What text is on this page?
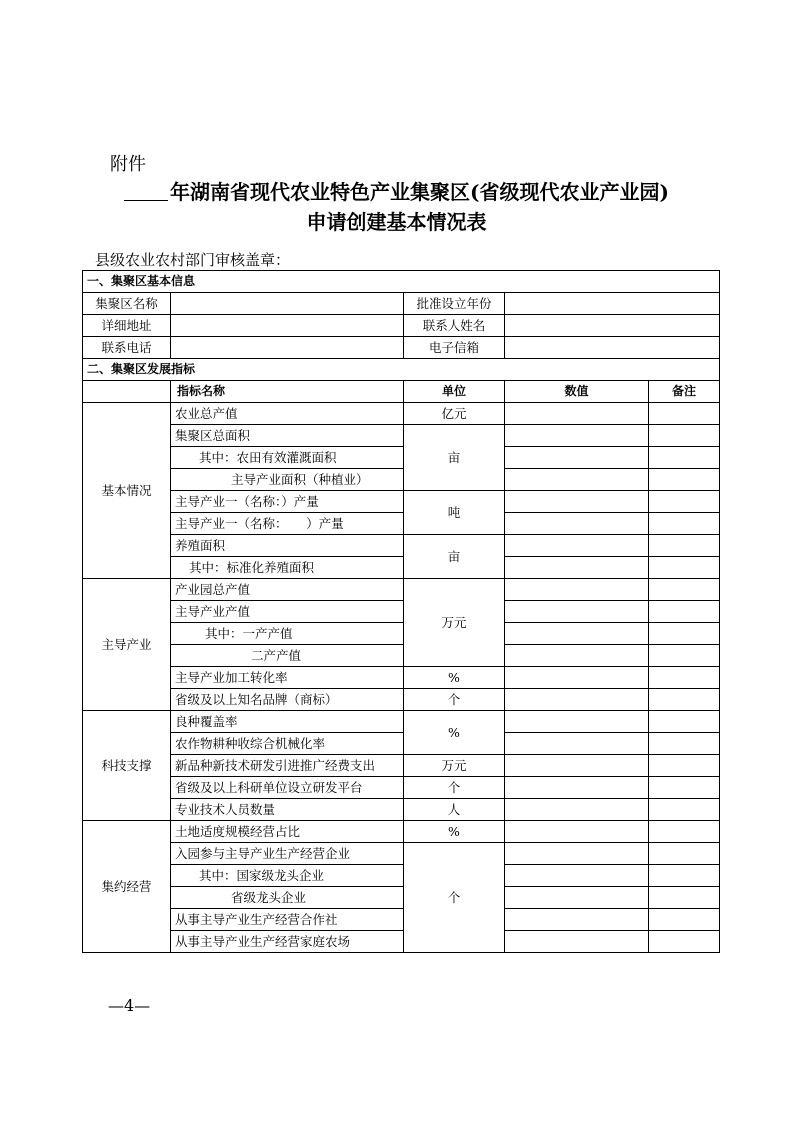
附件
年湖南省现代农业特色产业集聚区(省级现代农业产业园)
申请创建基本情况表
县级农业农村部门审核盖章：
一、集聚区基本信息				
集聚区名称		批准设立年份		
详细地址		联系人姓名		
联系电话		电子信箱		
二、集聚区发展指标				
	指标名称	单位	数值	备注
基本情况	农业总产值	亿元		
	集聚区总面积	亩		
	其中：农田有效灌溉面积			
	主导产业面积（种植业）			
	主导产业一（名称：）产量	吨		
	主导产业一（名称：　　）产量			
	养殖面积	亩		
	其中：标准化养殖面积			
主导产业	产业园总产值	万元		
	主导产业产值			
	其中：一产产值			
	二产产值			
	主导产业加工转化率	%		
	省级及以上知名品牌（商标）	个		
科技支撑	良种覆盖率	%		
	农作物耕种收综合机械化率			
	新品种新技术研发引进推广经费支出	万元		
	省级及以上科研单位设立研发平台	个		
	专业技术人员数量	人		
集约经营	土地适度规模经营占比	%		
	入园参与主导产业生产经营企业	个		
	其中：国家级龙头企业			
	省级龙头企业			
	从事主导产业生产经营合作社			
	从事主导产业生产经营家庭农场			
—4—
